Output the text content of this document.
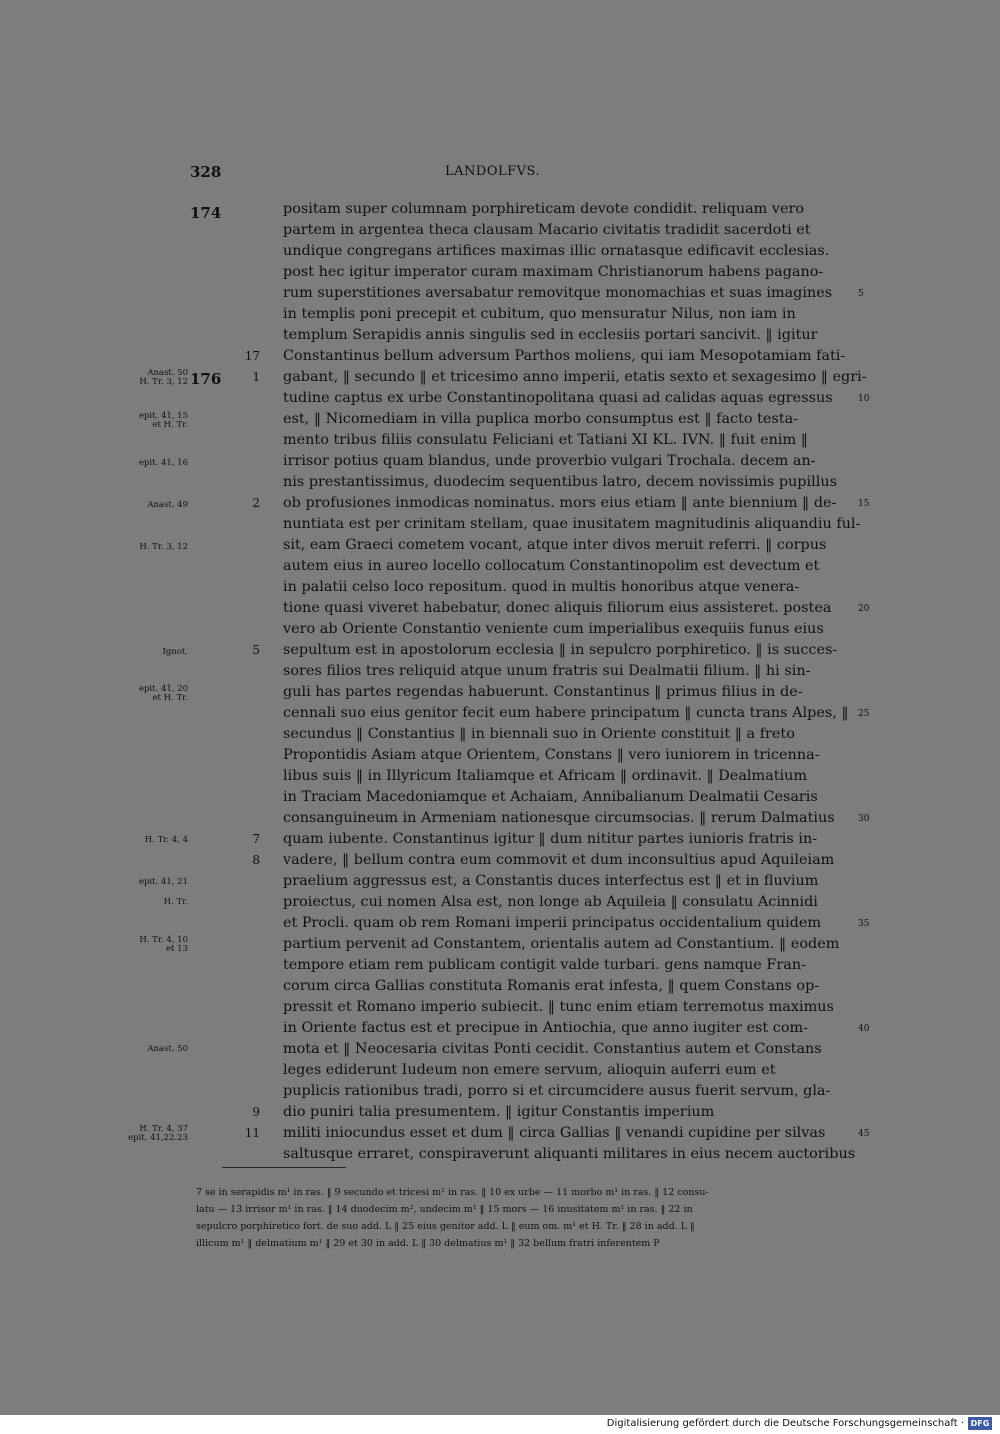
328	LANDOLFVS.
174
176
positam super columnam porphireticam devote condidit. reliquam vero
partem in argentea theca clausam Macario civitatis tradidit sacerdoti et
undique congregans artifices maximas illic ornatasque edificavit ecclesias.
post hec igitur imperator curam maximam Christianorum habens pagano-
rum superstitiones aversabatur removitque monomachias et suas imagines
in templis poni precepit et cubitum, quo mensuratur Nilus, non iam in
templum Serapidis annis singulis sed in ecclesiis portari sancivit. ‖ igitur
Constantinus bellum adversum Parthos moliens, qui iam Mesopotamiam fati-
gabant, ‖ secundo ‖ et tricesimo anno imperii, etatis sexto et sexagesimo ‖ egri-
tudine captus ex urbe Constantinopolitana quasi ad calidas aquas egressus
est, ‖ Nicomediam in villa puplica morbo consumptus est ‖ facto testa-
mento tribus filiis consulatu Feliciani et Tatiani XI KL. IVN. ‖ fuit enim ‖
irrisor potius quam blandus, unde proverbio vulgari Trochala. decem an-
nis prestantissimus, duodecim sequentibus latro, decem novissimis pupillus
ob profusiones inmodicas nominatus. mors eius etiam ‖ ante biennium ‖ de-
nuntiata est per crinitam stellam, quae inusitatem magnitudinis aliquandiu ful-
sit, eam Graeci cometem vocant, atque inter divos meruit referri. ‖ corpus
autem eius in aureo locello collocatum Constantinopolim est devectum et
in palatii celso loco repositum. quod in multis honoribus atque venera-
tione quasi viveret habebatur, donec aliquis filiorum eius assisteret. postea
vero ab Oriente Constantio veniente cum imperialibus exequiis funus eius
sepultum est in apostolorum ecclesia ‖ in sepulcro porphiretico. ‖ is succes-
sores filios tres reliquid atque unum fratris sui Dealmatii filium. ‖ hi sin-
guli has partes regendas habuerunt. Constantinus ‖ primus filius in de-
cennali suo eius genitor fecit eum habere principatum ‖ cuncta trans Alpes, ‖
secundus ‖ Constantius ‖ in biennali suo in Oriente constituit ‖ a freto
Propontidis Asiam atque Orientem, Constans ‖ vero iuniorem in tricenna-
libus suis ‖ in Illyricum Italiamque et Africam ‖ ordinavit. ‖ Dealmatium
in Traciam Macedoniamque et Achaiam, Annibalianum Dealmatii Cesaris
consanguineum in Armeniam nationesque circumsocias. ‖ rerum Dalmatius
quam iubente. Constantinus igitur ‖ dum nititur partes iunioris fratris in-
vadere, ‖ bellum contra eum commovit et dum inconsultius apud Aquileiam
praelium aggressus est, a Constantis duces interfectus est ‖ et in fluvium
proiectus, cui nomen Alsa est, non longe ab Aquileia ‖ consulatu Acinnidi
et Procli. quam ob rem Romani imperii principatus occidentalium quidem
partium pervenit ad Constantem, orientalis autem ad Constantium. ‖ eodem
tempore etiam rem publicam contigit valde turbari. gens namque Fran-
corum circa Gallias constituta Romanis erat infesta, ‖ quem Constans op-
pressit et Romano imperio subiecit. ‖ tunc enim etiam terremotus maximus
in Oriente factus est et precipue in Antiochia, que anno iugiter est com-
mota et ‖ Neocesaria civitas Ponti cecidit. Constantius autem et Constans
leges ediderunt Iudeum non emere servum, alioquin auferri eum et
puplicis rationibus tradi, porro si et circumcidere ausus fuerit servum, gla-
dio puniri talia presumentem. ‖ igitur Constantis imperium
militi iniocundus esset et dum ‖ circa Gallias ‖ venandi cupidine per silvas
saltusque erraret, conspiraverunt aliquanti militares in eius necem auctoribus
5
10
15
20
25
30
35
40
45
17
1
2
5
7
8
9
11
Anast. 50
H. Tr. 3, 12
epit. 41, 15
et H. Tr.
epit. 41, 16
Anast. 49
H. Tr. 3, 12
Ignot.
epit. 41, 20
et H. Tr.
H. Tr. 4, 4
epit. 41, 21
H. Tr.
H. Tr. 4, 10
et 13
Anast. 50
H. Tr. 4, 37
epit. 41,22.23
7 se in serapidis m¹ in ras. ‖ 9 secundo et tricesi m¹ in ras. ‖ 10 ex urbe — 11 morbo m¹ in ras. ‖ 12 consu-
latu — 13 irrisor m¹ in ras. ‖ 14 duodecim m², undecim m¹ ‖ 15 mors — 16 inusitatem m¹ in ras. ‖ 22 in
sepulcro porphiretico fort. de suo add. L ‖ 25 eius genitor add. L ‖ eum om. m¹ et H. Tr. ‖ 28 in add. L ‖
illicum m¹ ‖ delmatium m¹ ‖ 29 et 30 in add. L ‖ 30 delmatius m¹ ‖ 32 bellum fratri inferentem P
Digitalisierung gefördert durch die Deutsche Forschungsgemeinschaft · DFG
